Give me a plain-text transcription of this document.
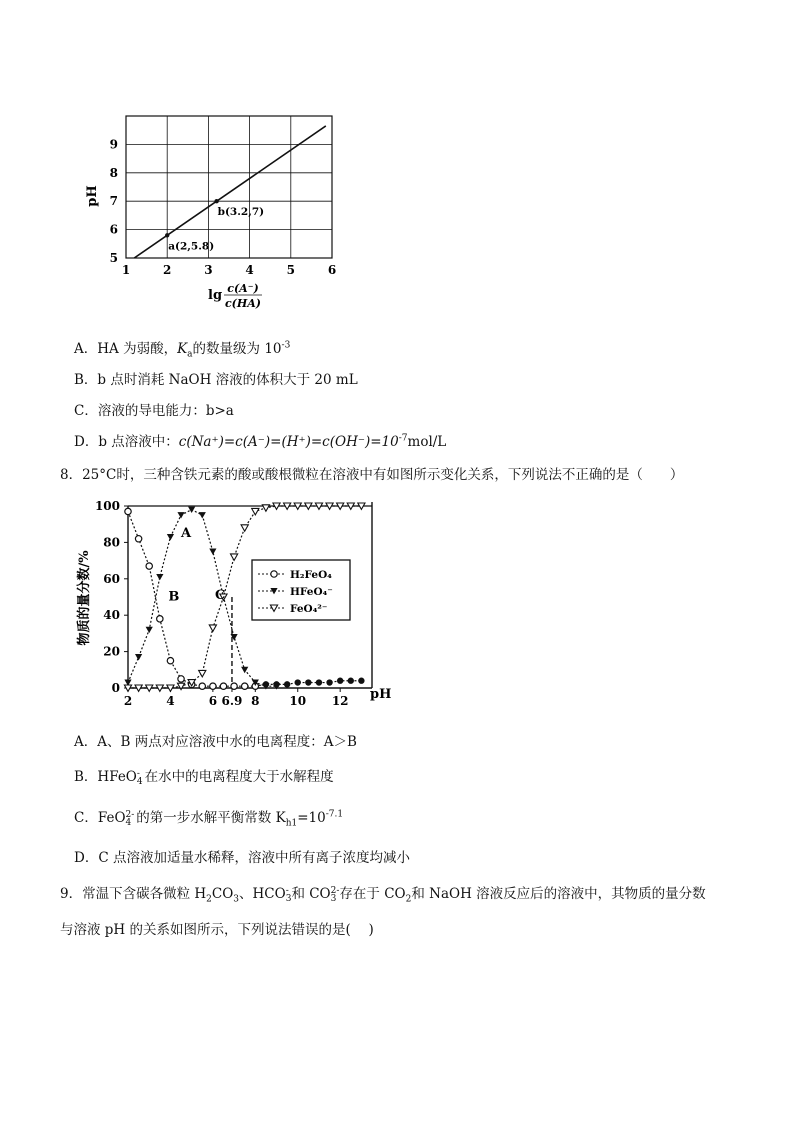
a(2,5.8)
b(3.2,7)
1	2	3	4	5	6
5
6
7
8
9
pH
lg c(A⁻)
c(HA)
A．HA 为弱酸，$K_a$的数量级为 $10^{-3}$
B．b 点时消耗 NaOH 溶液的体积大于 20 mL
C．溶液的导电能力：b>a
D．b 点溶液中：$c(Na^+)=c(A^-)=(H^+)=c(OH^-)=10^{-7}mol/L$
8．25°C时，三种含铁元素的酸或酸根微粒在溶液中有如图所示变化关系，下列说法不正确的是（　　）
0
20
40
60
80
100
2	4	6 6.9 8 10 12
A
B	C
物质的量分数/%
pH
H₂FeO₄
HFeO₄⁻
FeO₄²⁻
A．A、B 两点对应溶液中水的电离程度：A＞B
B．HFeO -
4 在水中的电离程度大于水解程度
C．FeO 2-
4 的第一步水解平衡常数 $K_{h1}=10^{-7.1}$
D．C 点溶液加适量水稀释，溶液中所有离子浓度均减小
9．常温下含碳各微粒 $H_2CO_3$、HCO -
3 和 CO 2-
3 存在于 $CO_2$和 NaOH 溶液反应后的溶液中，其物质的量分数
与溶液 pH 的关系如图所示，下列说法错误的是(　 )
